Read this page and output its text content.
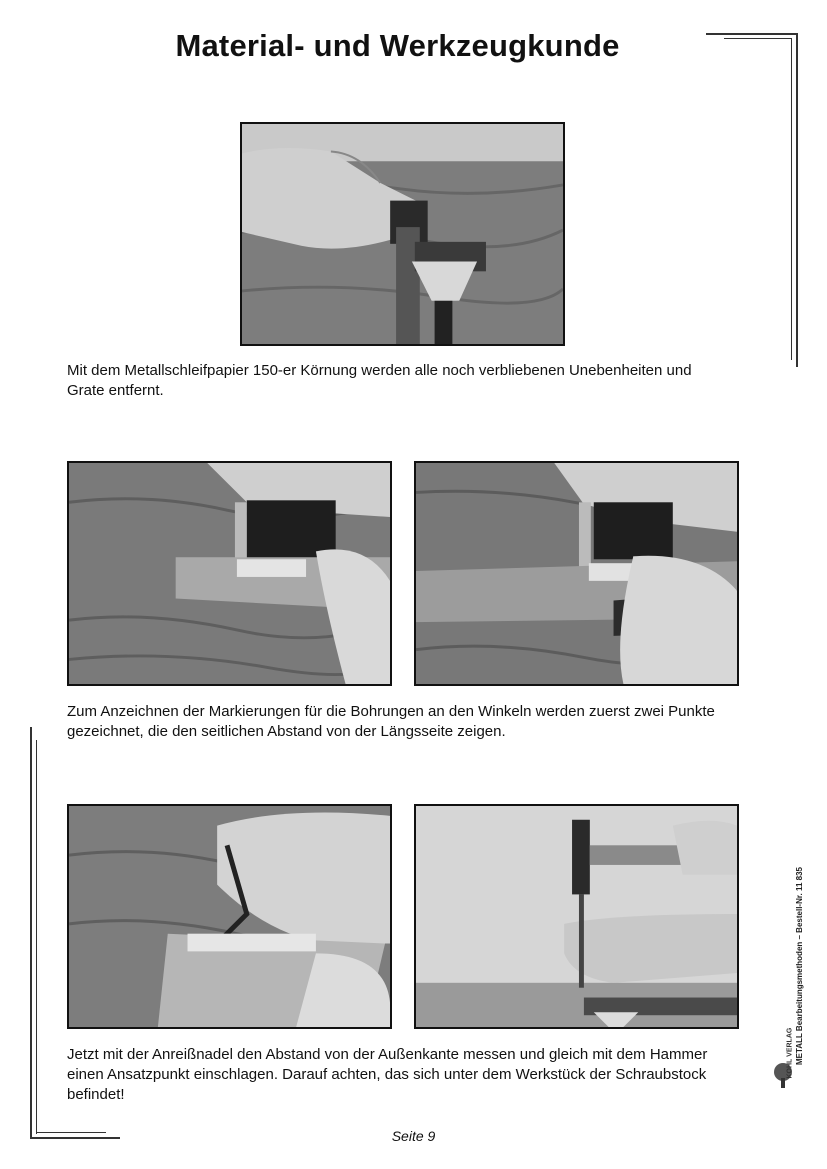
Material- und Werkzeugkunde
Mit dem Metallschleifpapier 150-er Körnung werden alle noch verbliebenen Unebenheiten und Grate entfernt.
Zum Anzeichnen der Markierungen für die Bohrungen an den Winkeln werden zuerst zwei Punkte gezeichnet, die den seitlichen Abstand von der Längsseite zeigen.
Jetzt mit der Anreißnadel den Abstand von der Außenkante messen und gleich mit dem Hammer einen Ansatzpunkt einschlagen. Darauf achten, das sich unter dem Werkstück der Schraubstock befindet!
METALL Bearbeitungsmethoden – Bestell-Nr. 11 835
KOHL VERLAG
Seite 9
